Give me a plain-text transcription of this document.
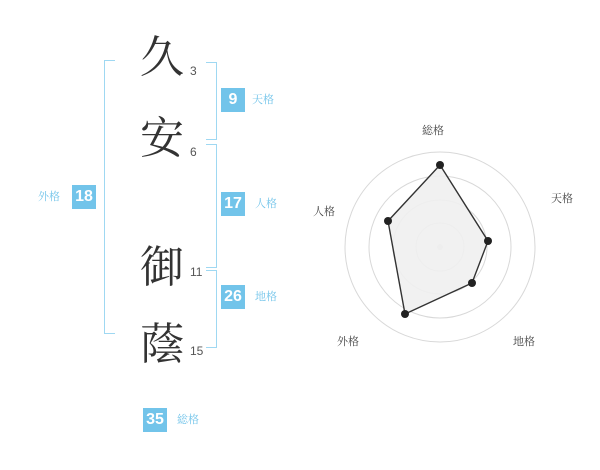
外格 18
久 3
安 6
御 11
蔭 15
9	天格
17 人格
26 地格
35 総格
総格
天格
地格
外格
人格
